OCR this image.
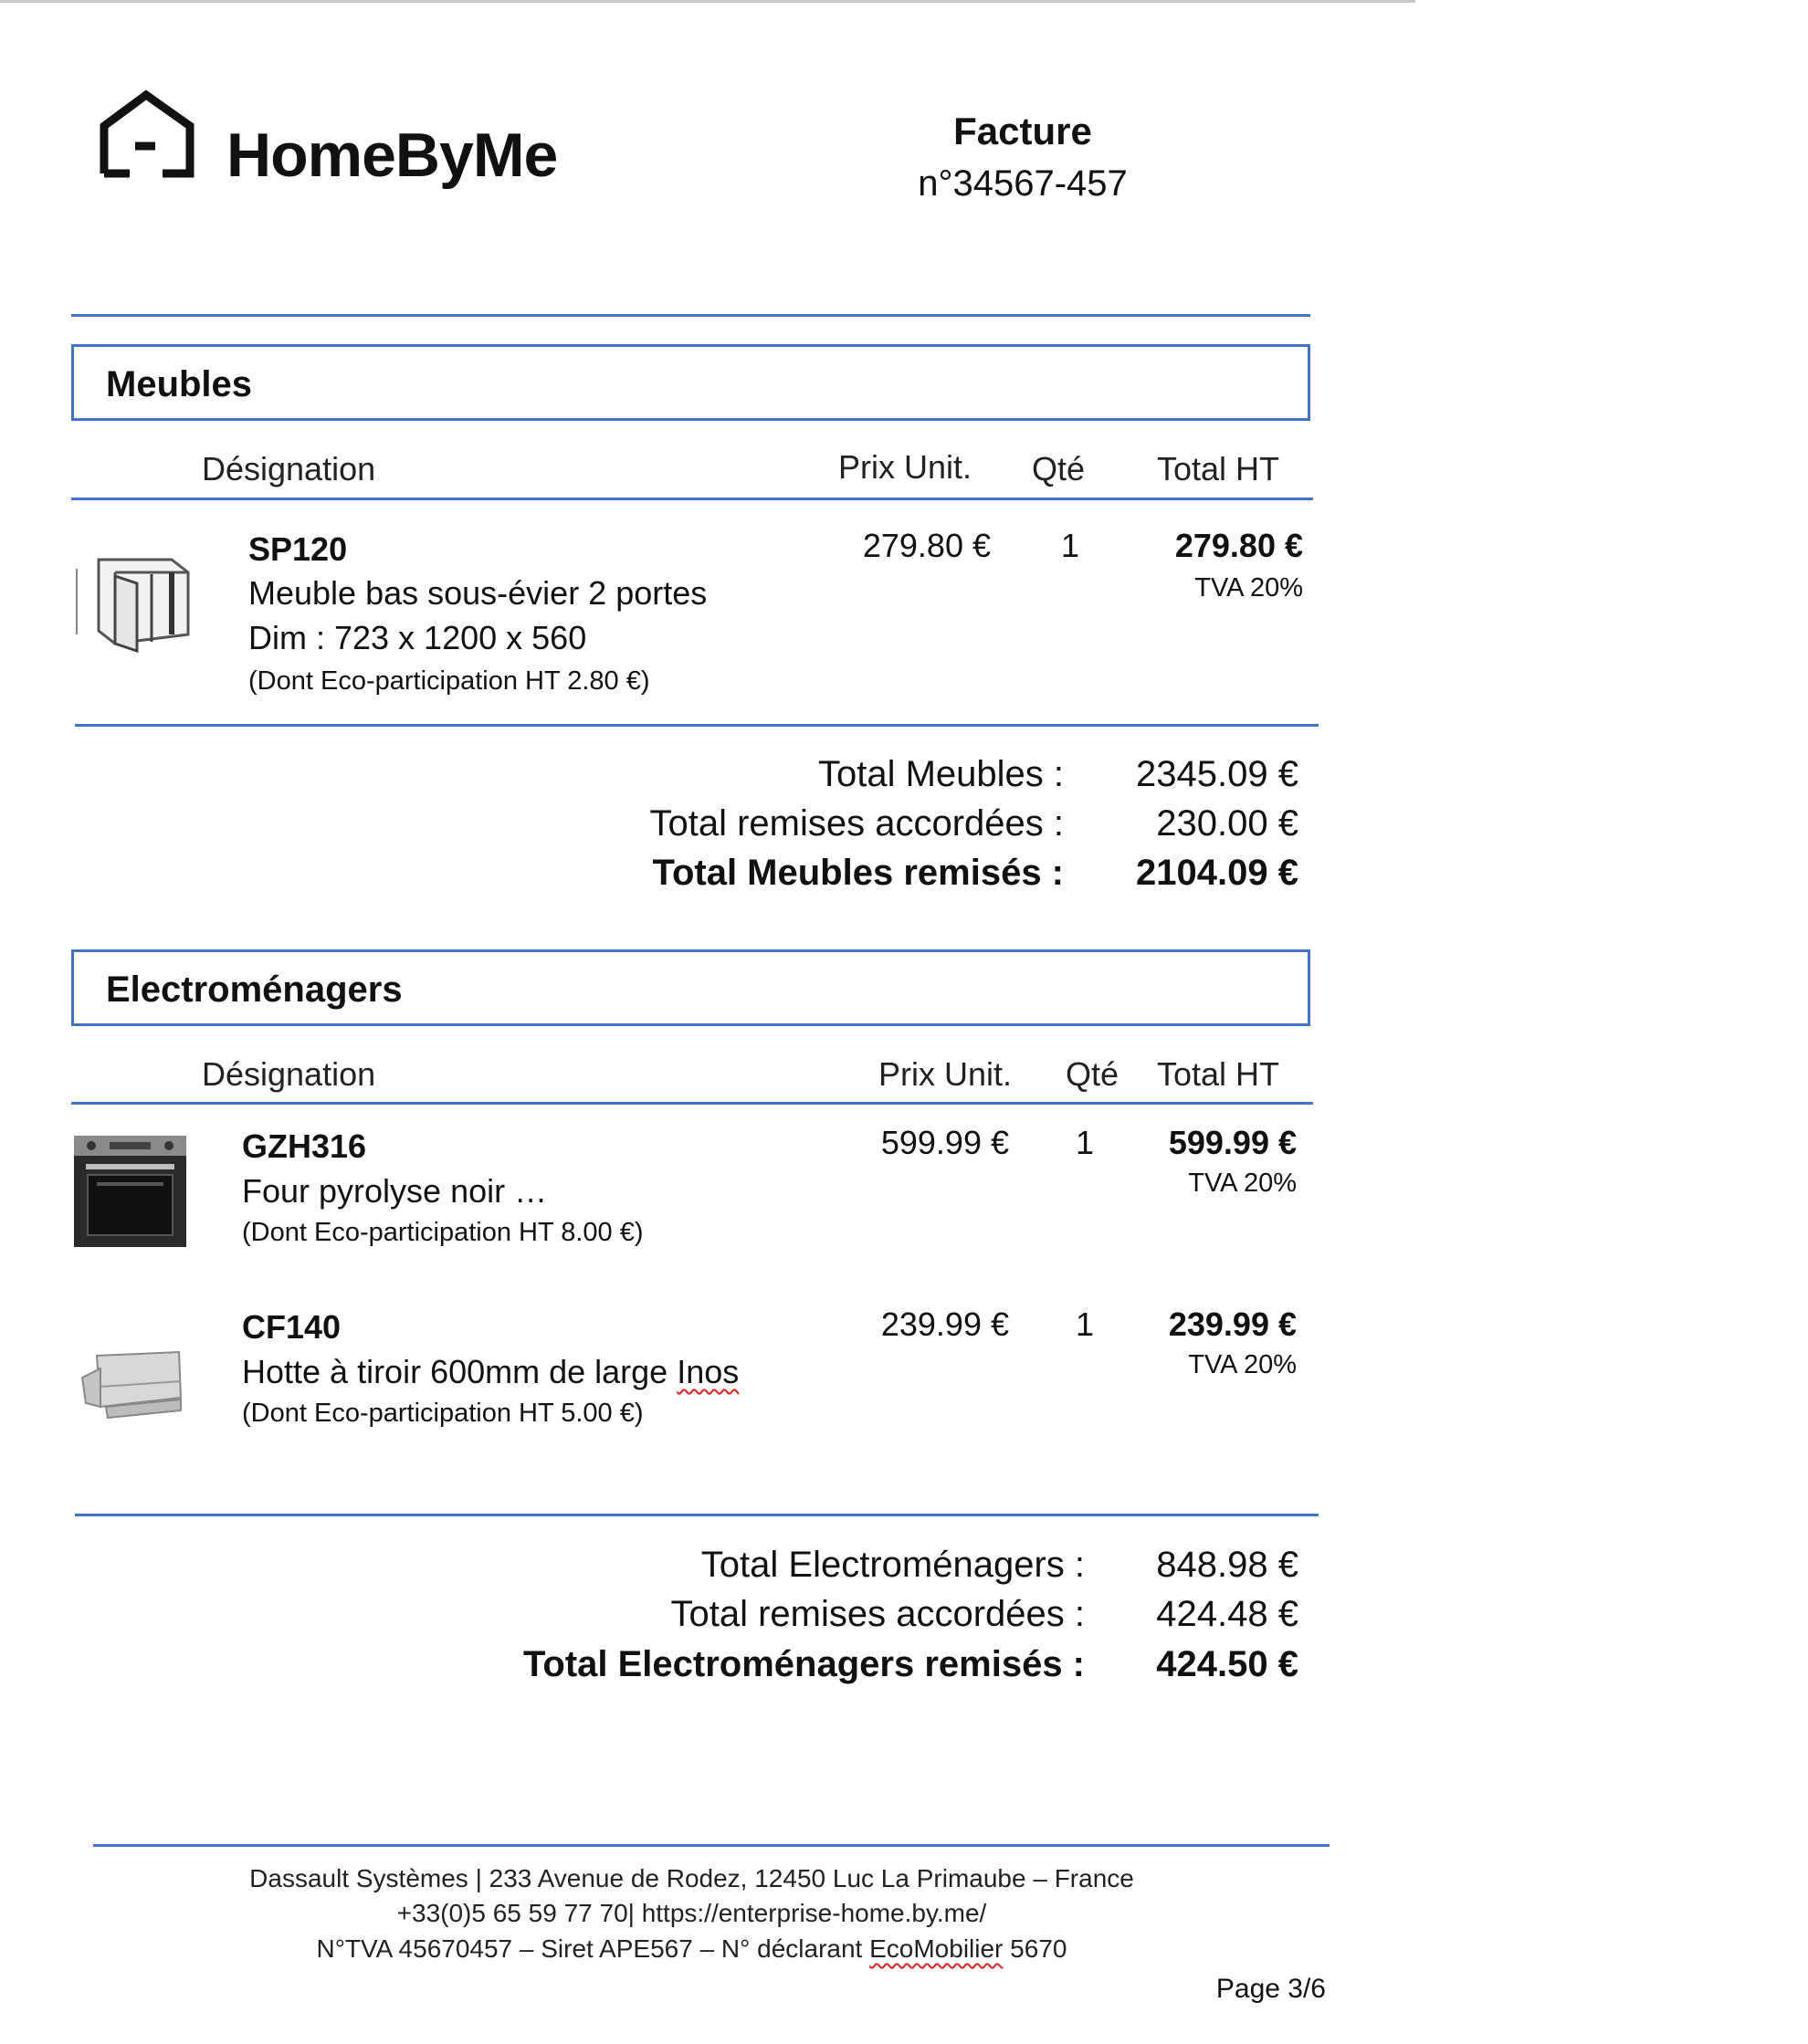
HomeByMe	Facture
n°34567-457
Meubles
Désignation	Prix Unit. Qté Total HT
SP120
Meuble bas sous-évier 2 portes
Dim : 723 x 1200 x 560
(Dont Eco-participation HT 2.80 €)
279.80 €	1	279.80 €
TVA 20%
Total Meubles :	2345.09 €
Total remises accordées :	230.00 €
Total Meubles remisés :	2104.09 €
Electroménagers
Désignation	Prix Unit. Qté Total HT
GZH316
Four pyrolyse noir …
(Dont Eco-participation HT 8.00 €)
599.99 €	1	599.99 €
TVA 20%
CF140
Hotte à tiroir 600mm de large Inos
(Dont Eco-participation HT 5.00 €)
239.99 €	1	239.99 €
TVA 20%
Total Electroménagers :	848.98 €
Total remises accordées :	424.48 €
Total Electroménagers remisés :	424.50 €
Dassault Systèmes | 233 Avenue de Rodez, 12450 Luc La Primaube – France
+33(0)5 65 59 77 70| https://enterprise-home.by.me/
N°TVA 45670457 – Siret APE567 – N° déclarant EcoMobilier 5670
Page 3/6
